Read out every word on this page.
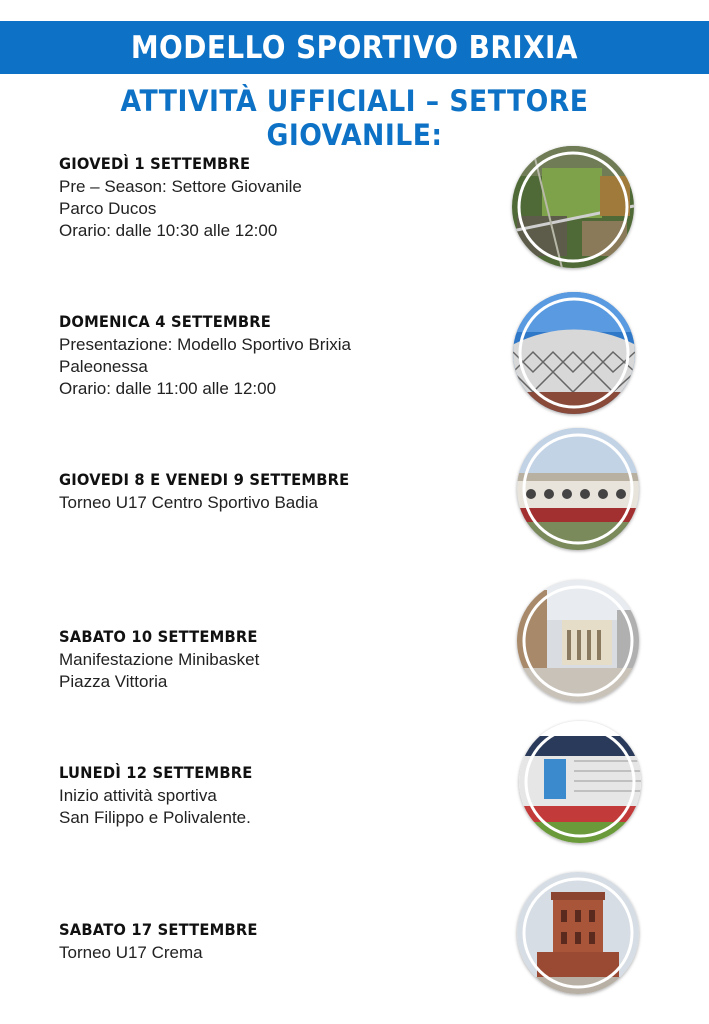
MODELLO SPORTIVO BRIXIA
ATTIVITÀ UFFICIALI – SETTORE GIOVANILE:
GIOVEDÌ 1 SETTEMBRE
Pre – Season: Settore Giovanile
Parco Ducos
Orario: dalle 10:30 alle 12:00
DOMENICA 4 SETTEMBRE
Presentazione: Modello Sportivo Brixia
Paleonessa
Orario: dalle 11:00 alle 12:00
GIOVEDI 8 E VENEDI 9 SETTEMBRE
Torneo U17 Centro Sportivo Badia
SABATO 10 SETTEMBRE
Manifestazione Minibasket
Piazza Vittoria
LUNEDÌ 12 SETTEMBRE
Inizio attività sportiva
San Filippo e Polivalente.
SABATO 17 SETTEMBRE
Torneo U17 Crema
